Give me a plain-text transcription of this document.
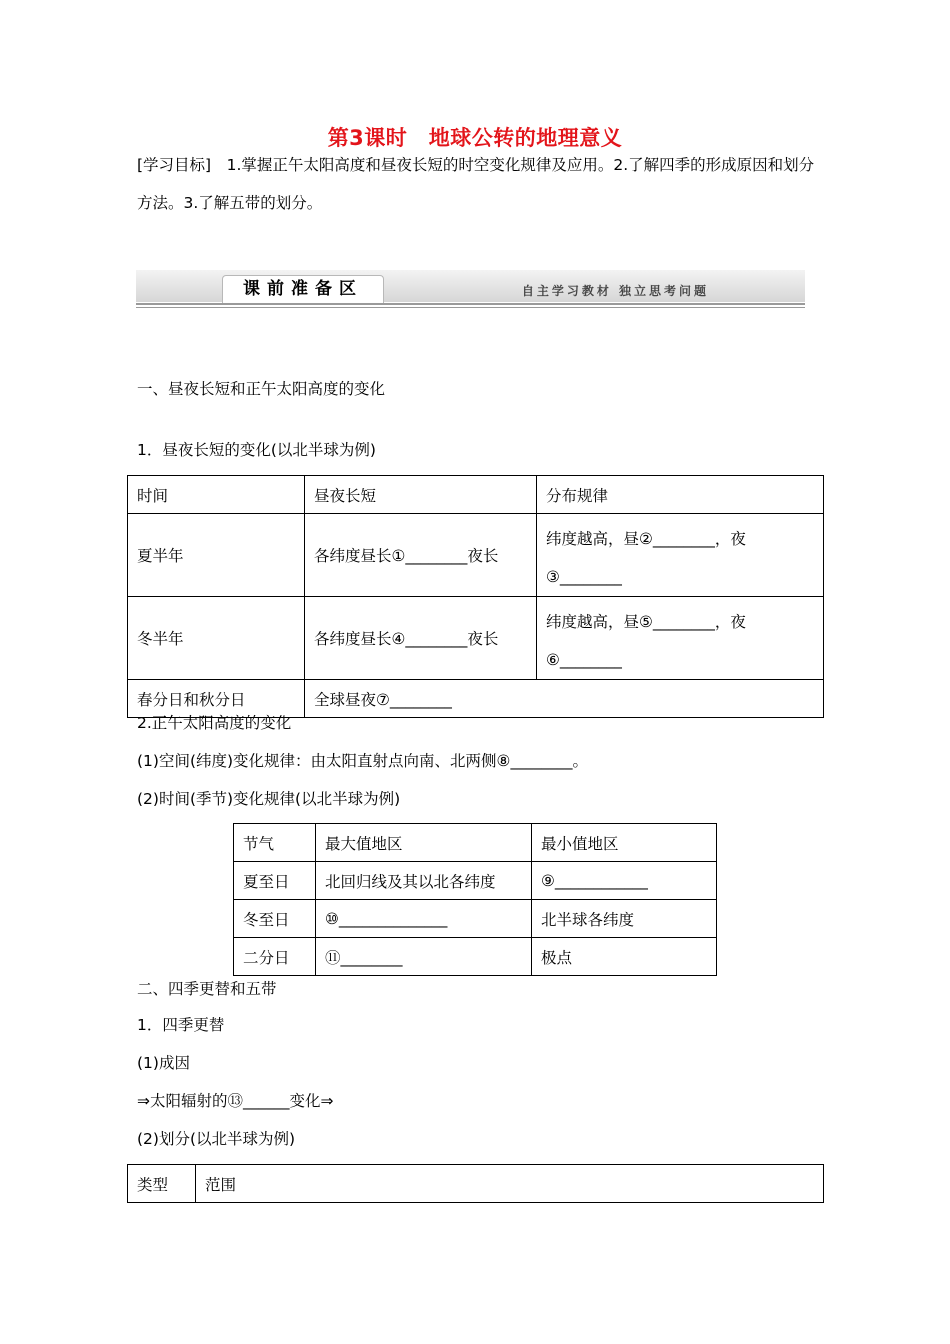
第3课时　地球公转的地理意义
[学习目标]　1.掌握正午太阳高度和昼夜长短的时空变化规律及应用。2.了解四季的形成原因和划分方法。3.了解五带的划分。
课前准备区	自主学习教材 独立思考问题
一、昼夜长短和正午太阳高度的变化
1．昼夜长短的变化(以北半球为例)
时间	昼夜长短	分布规律
夏半年	各纬度昼长①________夜长	纬度越高，昼②________，夜③________
冬半年	各纬度昼长④________夜长	纬度越高，昼⑤________，夜⑥________
春分日和秋分日	全球昼夜⑦________	
2.正午太阳高度的变化
(1)空间(纬度)变化规律：由太阳直射点向南、北两侧⑧________。
(2)时间(季节)变化规律(以北半球为例)
节气	最大值地区	最小值地区
夏至日	北回归线及其以北各纬度	⑨____________
冬至日	⑩______________	北半球各纬度
二分日	⑪________	极点
二、四季更替和五带
1．四季更替
(1)成因
⇒太阳辐射的⑬______变化⇒
(2)划分(以北半球为例)
类型	范围
